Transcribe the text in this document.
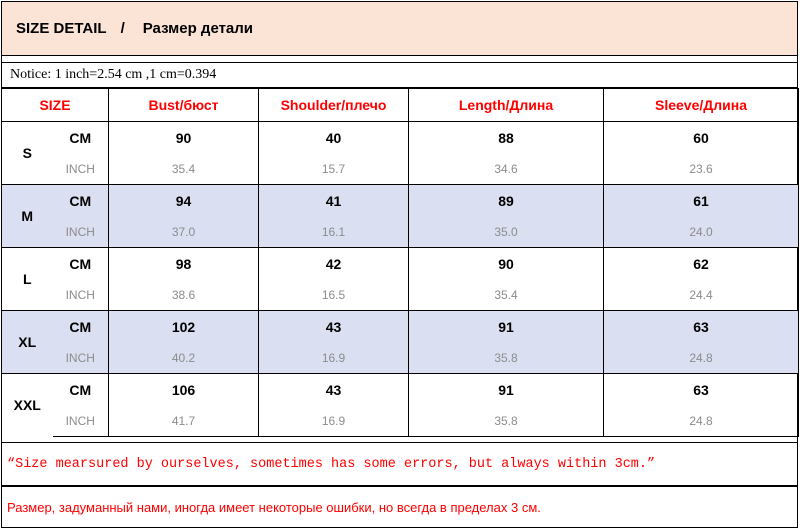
SIZE DETAIL / Размер детали
Notice: 1 inch=2.54 cm ,1 cm=0.394
SIZE		Bust/бюст	Shoulder/плечо	Length/Длина	Sleeve/Длина
S	CM	90	40	88	60
	INCH	35.4	15.7	34.6	23.6
M	CM	94	41	89	61
	INCH	37.0	16.1	35.0	24.0
L	CM	98	42	90	62
	INCH	38.6	16.5	35.4	24.4
XL	CM	102	43	91	63
	INCH	40.2	16.9	35.8	24.8
XXL	CM	106	43	91	63
	INCH	41.7	16.9	35.8	24.8
“Size mearsured by ourselves, sometimes has some errors, but always within 3cm.”
Размер, задуманный нами, иногда имеет некоторые ошибки, но всегда в пределах 3 см.
